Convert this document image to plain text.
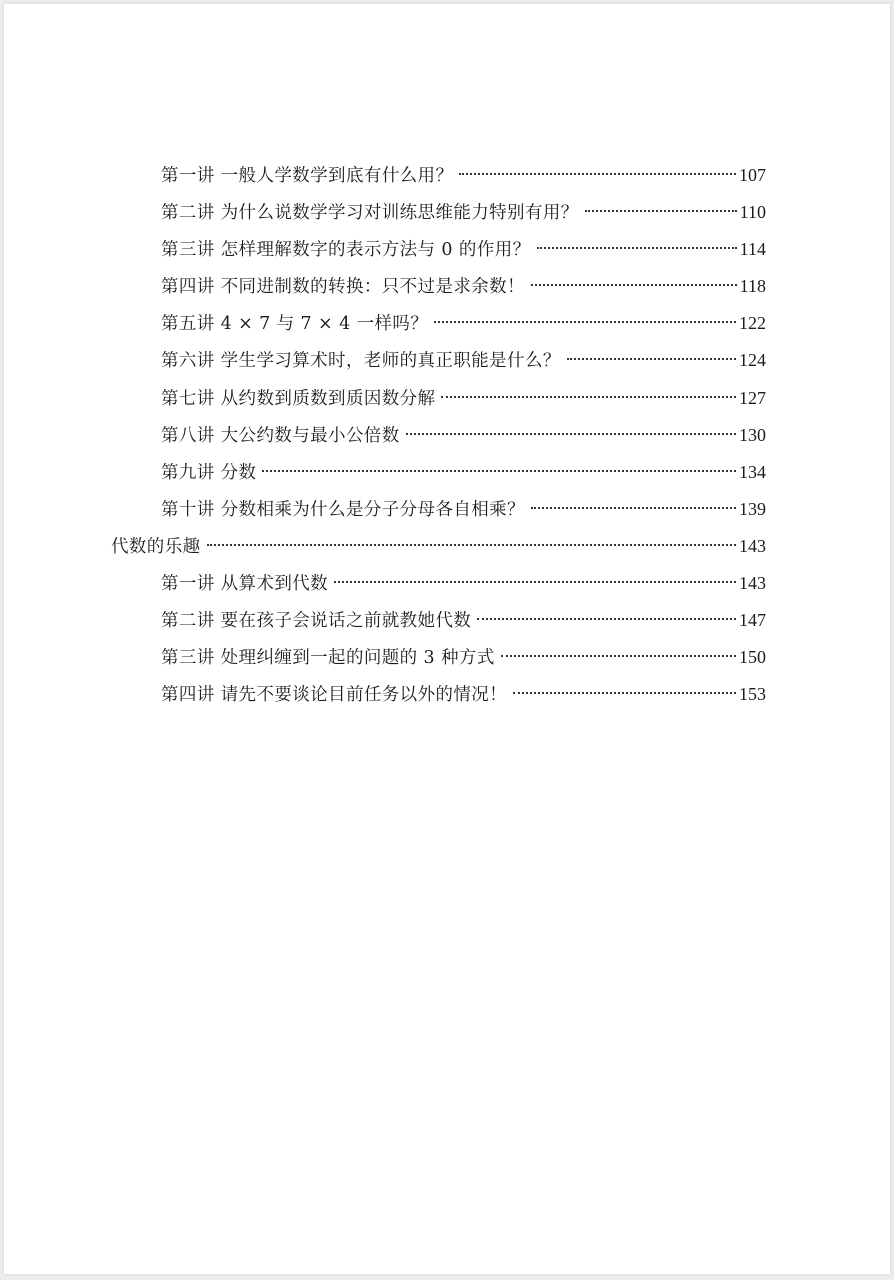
第一讲 一般人学数学到底有什么用？	107
第二讲 为什么说数学学习对训练思维能力特别有用？	110
第三讲 怎样理解数字的表示方法与 0 的作用？	114
第四讲 不同进制数的转换：只不过是求余数！	118
第五讲 4 × 7 与 7 × 4 一样吗？	122
第六讲 学生学习算术时，老师的真正职能是什么？	124
第七讲 从约数到质数到质因数分解	127
第八讲 大公约数与最小公倍数	130
第九讲 分数	134
第十讲 分数相乘为什么是分子分母各自相乘？	139
代数的乐趣	143
第一讲 从算术到代数	143
第二讲 要在孩子会说话之前就教她代数	147
第三讲 处理纠缠到一起的问题的 3 种方式	150
第四讲 请先不要谈论目前任务以外的情况！	153
